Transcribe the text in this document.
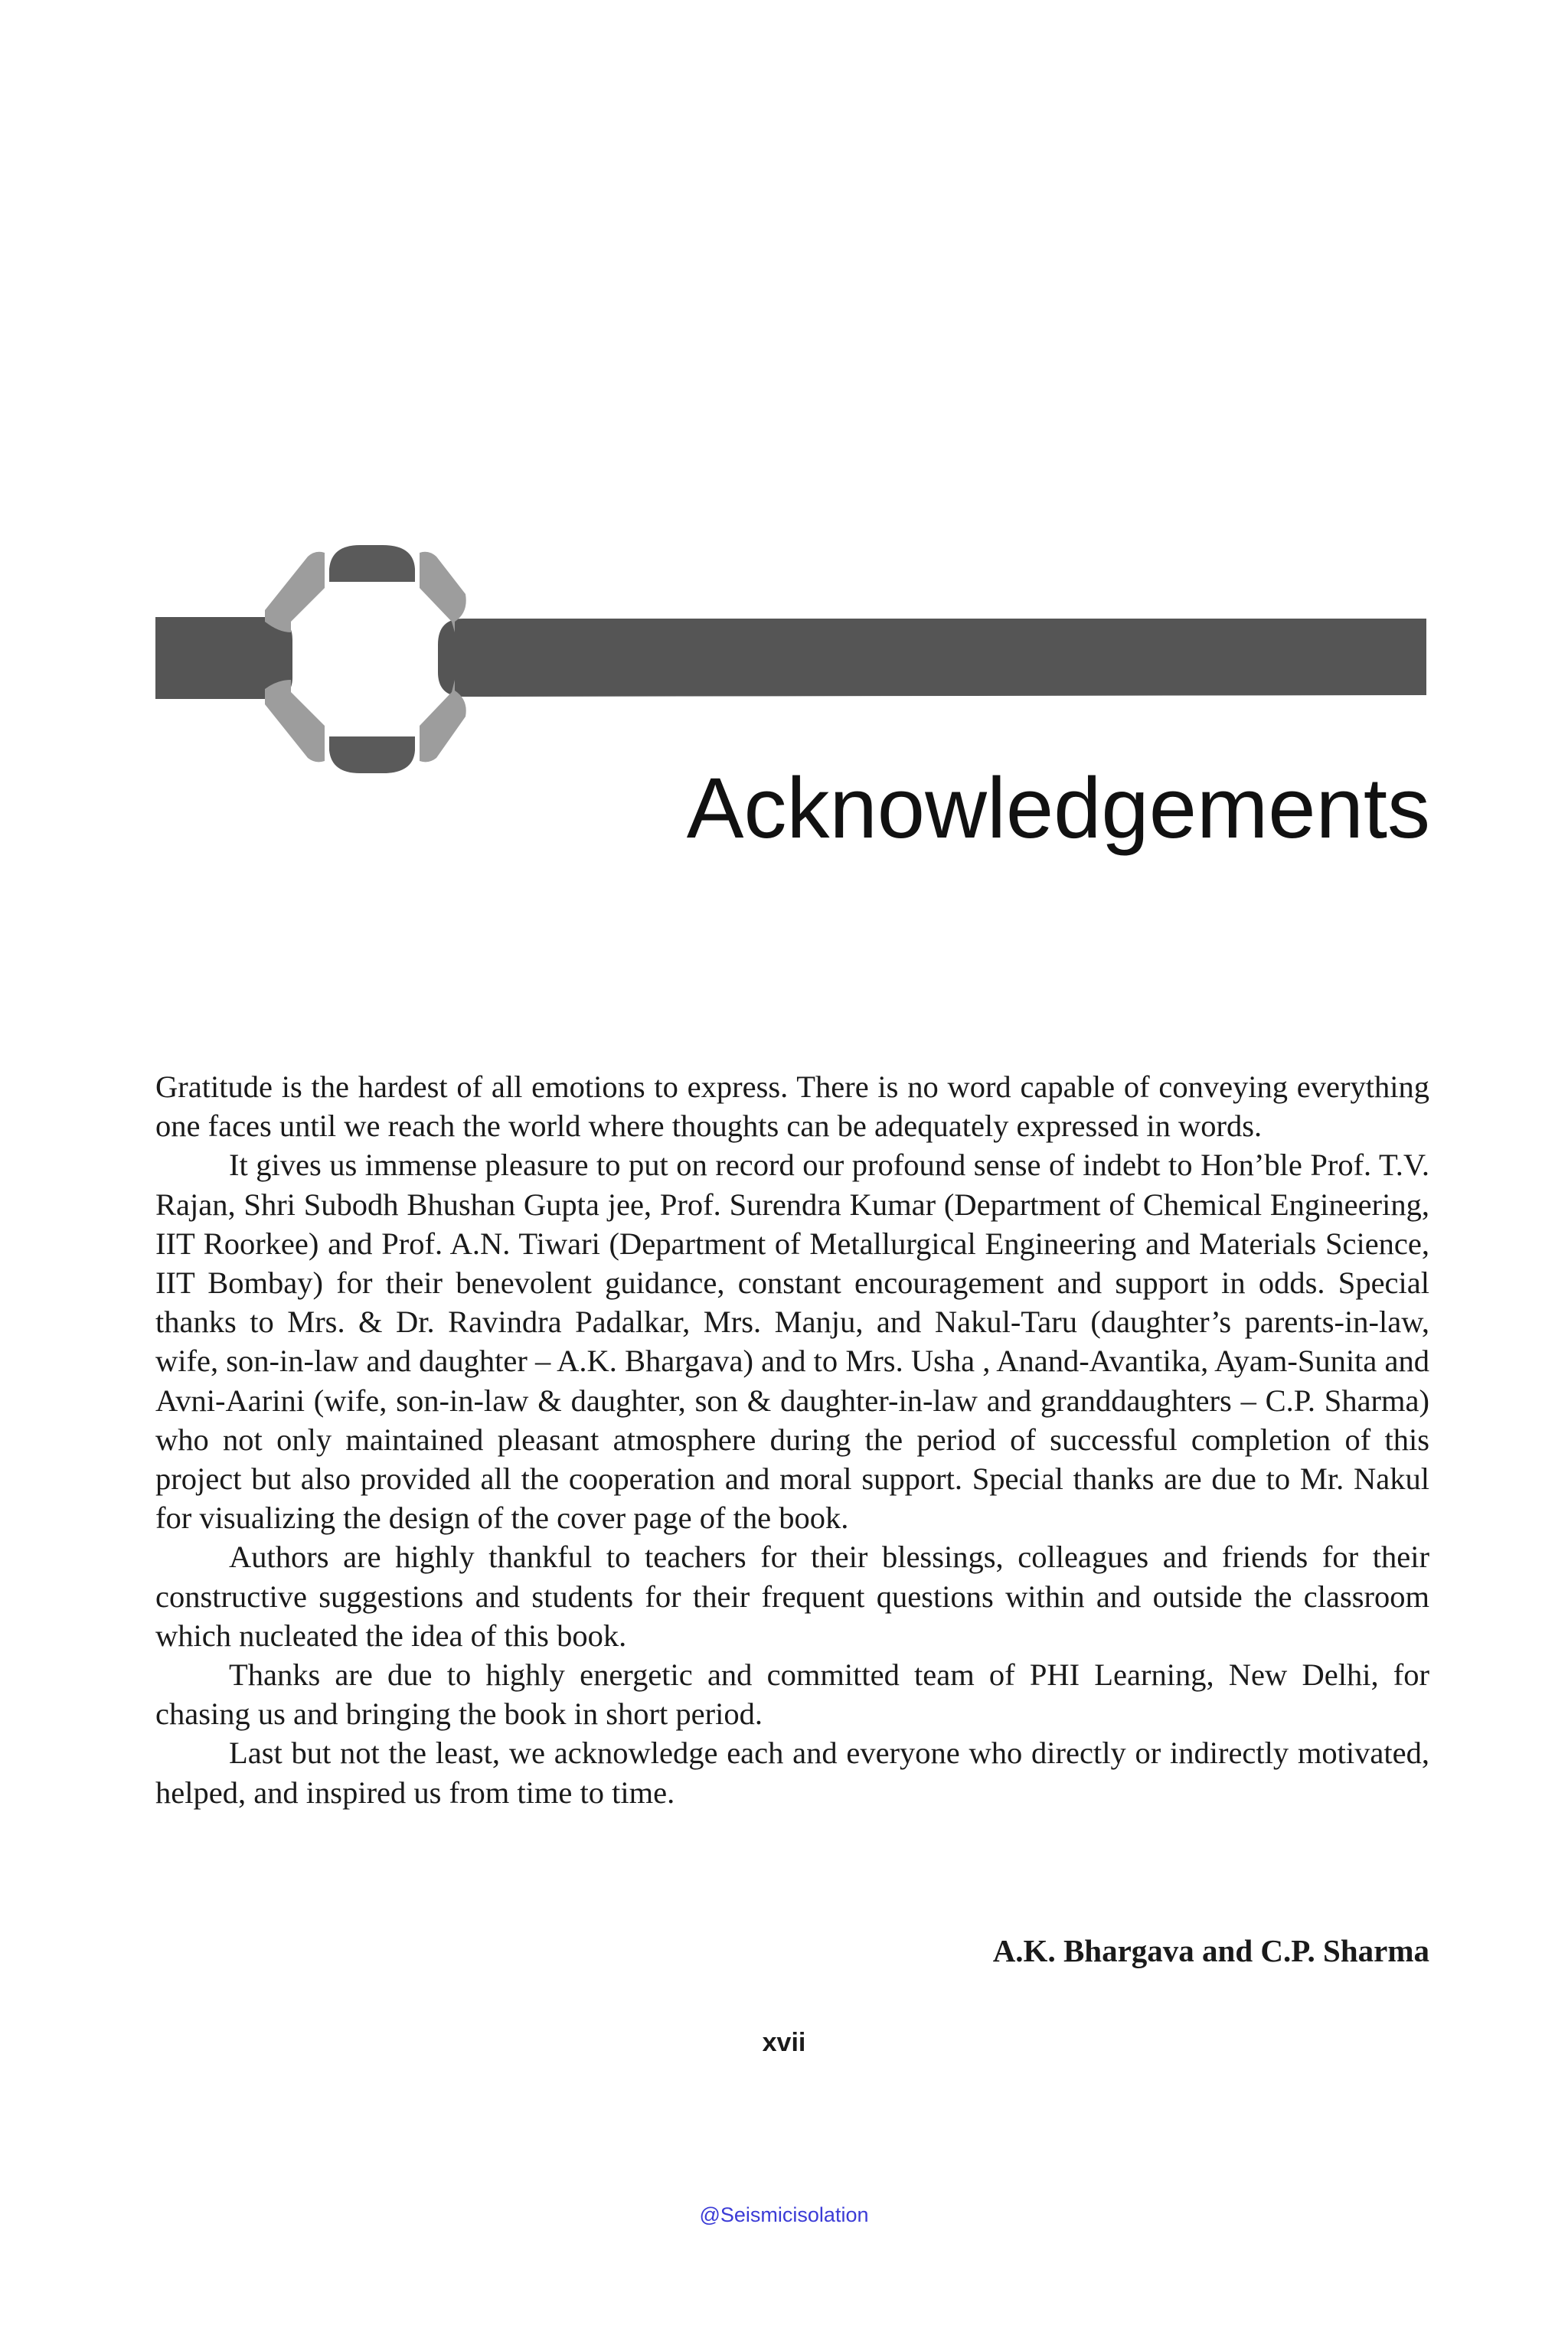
Acknowledgements

Gratitude is the hardest of all emotions to express. There is no word capable of conveying everything one faces until we reach the world where thoughts can be adequately expressed in words.

It gives us immense pleasure to put on record our profound sense of indebt to Hon’ble Prof. T.V. Rajan, Shri Subodh Bhushan Gupta jee, Prof. Surendra Kumar (Department of Chemical Engineering, IIT Roorkee) and Prof. A.N. Tiwari (Department of Metallurgical Engineering and Materials Science, IIT Bombay) for their benevolent guidance, constant encouragement and support in odds. Special thanks to Mrs. & Dr. Ravindra Padalkar, Mrs. Manju, and Nakul-Taru (daughter’s parents-in-law, wife, son-in-law and daughter – A.K. Bhargava) and to Mrs. Usha , Anand-Avantika, Ayam-Sunita and Avni-Aarini (wife, son-in-law & daughter, son & daughter-in-law and granddaughters – C.P. Sharma) who not only maintained pleasant atmosphere during the period of successful completion of this project but also provided all the cooperation and moral support. Special thanks are due to Mr. Nakul for visualizing the design of the cover page of the book.

Authors are highly thankful to teachers for their blessings, colleagues and friends for their constructive suggestions and students for their frequent questions within and outside the classroom which nucleated the idea of this book.

Thanks are due to highly energetic and committed team of PHI Learning, New Delhi, for chasing us and bringing the book in short period.

Last but not the least, we acknowledge each and everyone who directly or indirectly motivated, helped, and inspired us from time to time.

A.K. Bhargava and C.P. Sharma
xvii
@Seismicisolation
